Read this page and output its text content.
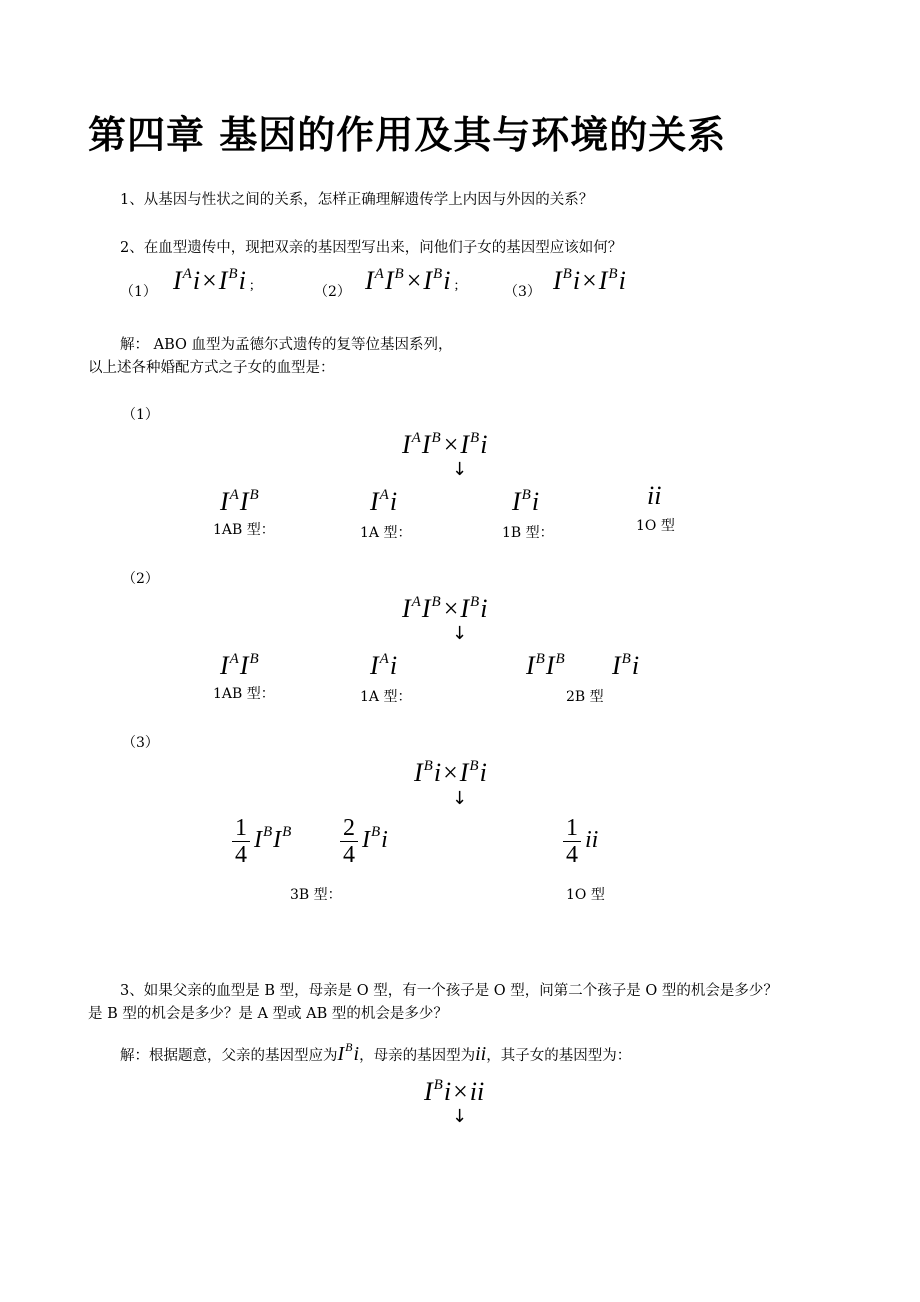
第四章 基因的作用及其与环境的关系
1、从基因与性状之间的关系，怎样正确理解遗传学上内因与外因的关系？
2、在血型遗传中，现把双亲的基因型写出来，问他们子女的基因型应该如何？
（1） $I^Ai\times I^Bi$ ;	（2） $I^AI^B \times I^Bi$ ;	（3） $I^Bi\times I^Bi$
解： ABO 血型为孟德尔式遗传的复等位基因系列，
以上述各种婚配方式之子女的血型是：
（1）
$I^AI^B \times I^Bi$
↓
$I^AI^B$
1AB 型：
$I^Ai$
1A 型：
$I^Bi$
1B 型：
ii
1O 型
（2）
$I^AI^B \times I^Bi$
↓
$I^AI^B$
1AB 型：
$I^Ai$
1A 型：
$I^BI^B$ $I^Bi$
2B 型
（3）
$I^Bi\times I^Bi$
↓
$\frac{1}{4} I^BI^B \frac{2}{4} I^Bi$
3B 型：
$\frac{1}{4}$ ii
1O 型
3、如果父亲的血型是 B 型，母亲是 O 型，有一个孩子是 O 型，问第二个孩子是 O 型的机会是多少？
是 B 型的机会是多少？是 A 型或 AB 型的机会是多少？
解：根据题意，父亲的基因型应为$I^Bi$，母亲的基因型为ii，其子女的基因型为：
$I^Bi\times ii$
↓
